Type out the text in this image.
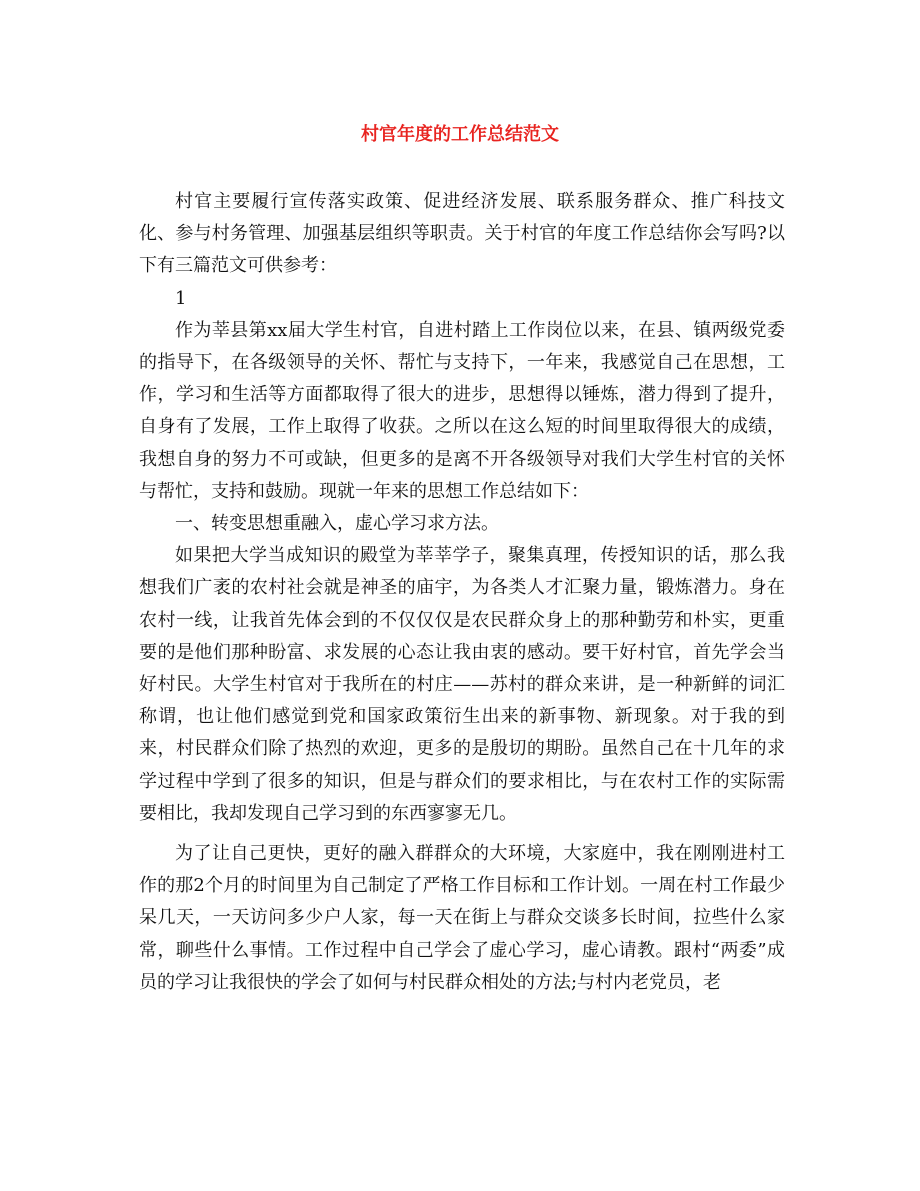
村官年度的工作总结范文

村官主要履行宣传落实政策、促进经济发展、联系服务群众、推广科技文化、参与村务管理、加强基层组织等职责。关于村官的年度工作总结你会写吗?以下有三篇范文可供参考：

1

作为莘县第xx届大学生村官，自进村踏上工作岗位以来，在县、镇两级党委的指导下，在各级领导的关怀、帮忙与支持下，一年来，我感觉自己在思想，工作，学习和生活等方面都取得了很大的进步，思想得以锤炼，潜力得到了提升，自身有了发展，工作上取得了收获。之所以在这么短的时间里取得很大的成绩，我想自身的努力不可或缺，但更多的是离不开各级领导对我们大学生村官的关怀与帮忙，支持和鼓励。现就一年来的思想工作总结如下：

一、转变思想重融入，虚心学习求方法。

如果把大学当成知识的殿堂为莘莘学子，聚集真理，传授知识的话，那么我想我们广袤的农村社会就是神圣的庙宇，为各类人才汇聚力量，锻炼潜力。身在农村一线，让我首先体会到的不仅仅仅是农民群众身上的那种勤劳和朴实，更重要的是他们那种盼富、求发展的心态让我由衷的感动。要干好村官，首先学会当好村民。大学生村官对于我所在的村庄——苏村的群众来讲，是一种新鲜的词汇称谓，也让他们感觉到党和国家政策衍生出来的新事物、新现象。对于我的到来，村民群众们除了热烈的欢迎，更多的是殷切的期盼。虽然自己在十几年的求学过程中学到了很多的知识，但是与群众们的要求相比，与在农村工作的实际需要相比，我却发现自己学习到的东西寥寥无几。

为了让自己更快，更好的融入群群众的大环境，大家庭中，我在刚刚进村工作的那2个月的时间里为自己制定了严格工作目标和工作计划。一周在村工作最少呆几天，一天访问多少户人家，每一天在街上与群众交谈多长时间，拉些什么家常，聊些什么事情。工作过程中自己学会了虚心学习，虚心请教。跟村“两委”成员的学习让我很快的学会了如何与村民群众相处的方法;与村内老党员，老
